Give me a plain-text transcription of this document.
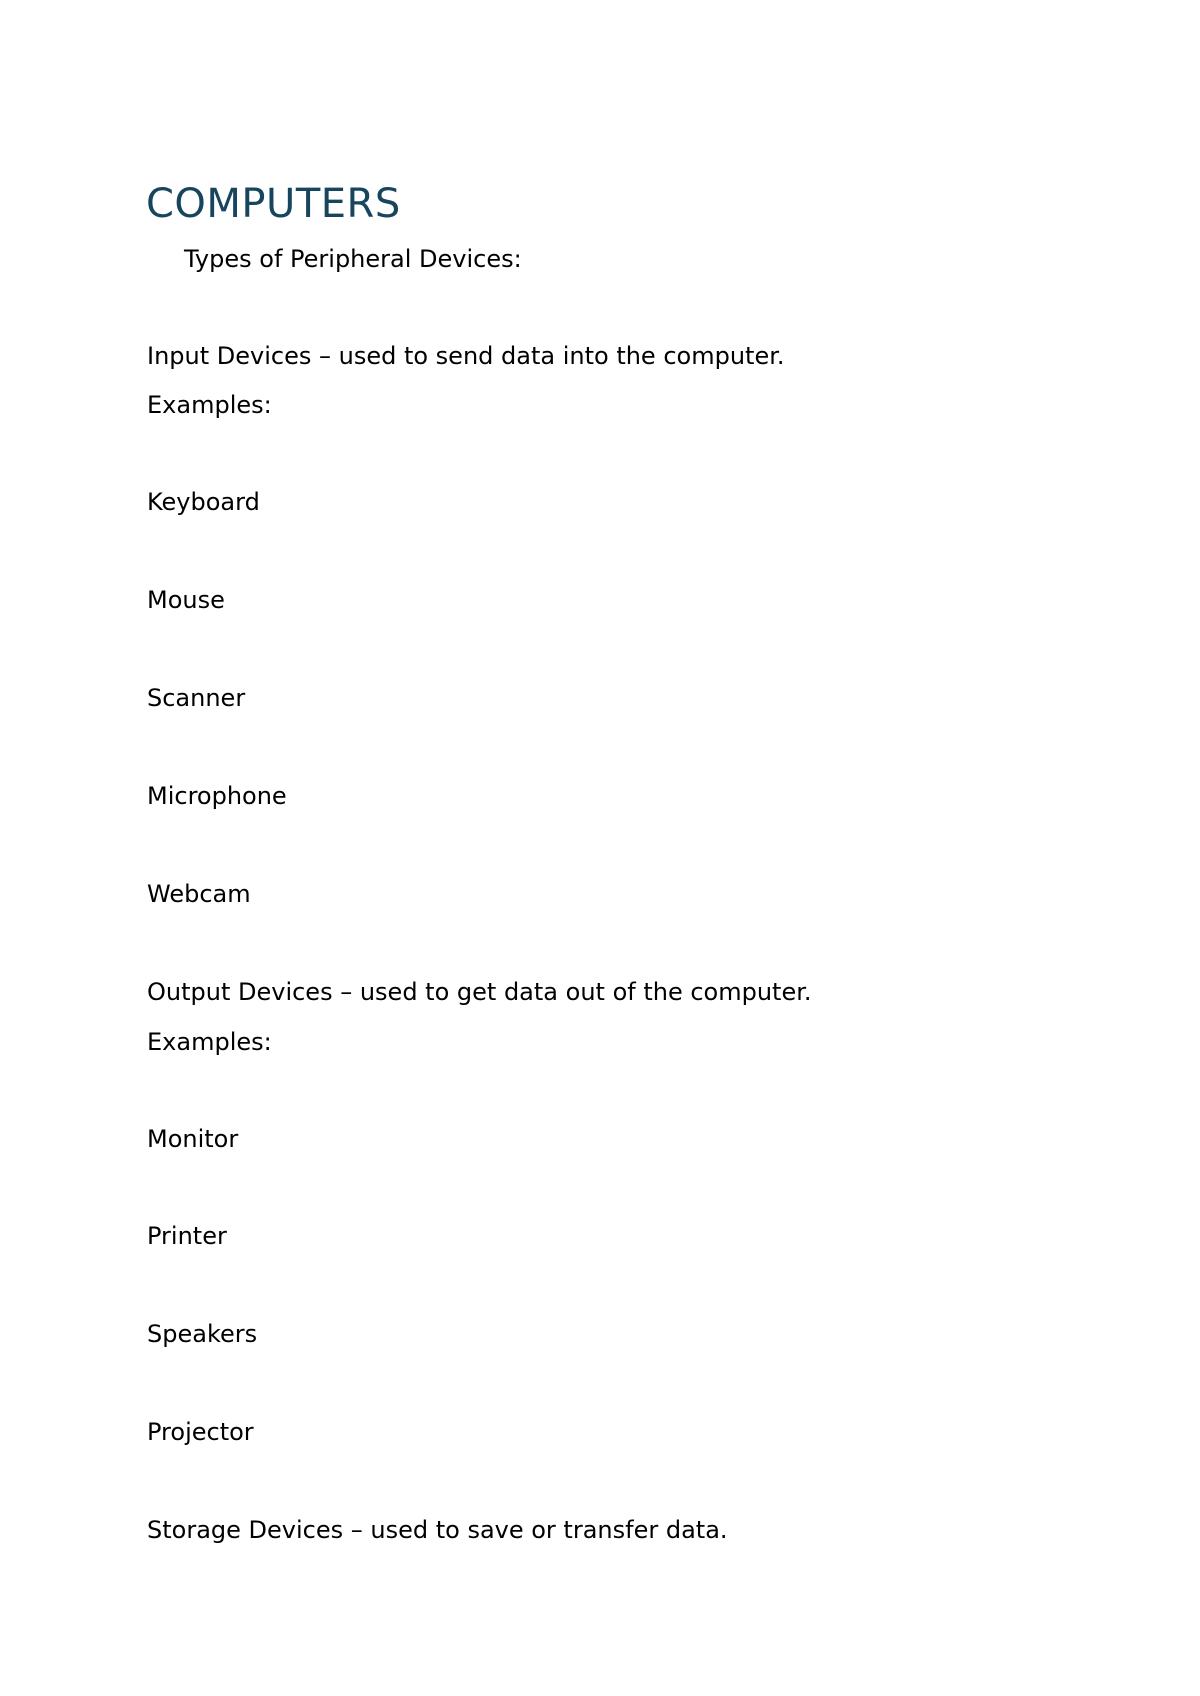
COMPUTERS
Types of Peripheral Devices:
Input Devices – used to send data into the computer.
Examples:
Keyboard
Mouse
Scanner
Microphone
Webcam
Output Devices – used to get data out of the computer.
Examples:
Monitor
Printer
Speakers
Projector
Storage Devices – used to save or transfer data.
